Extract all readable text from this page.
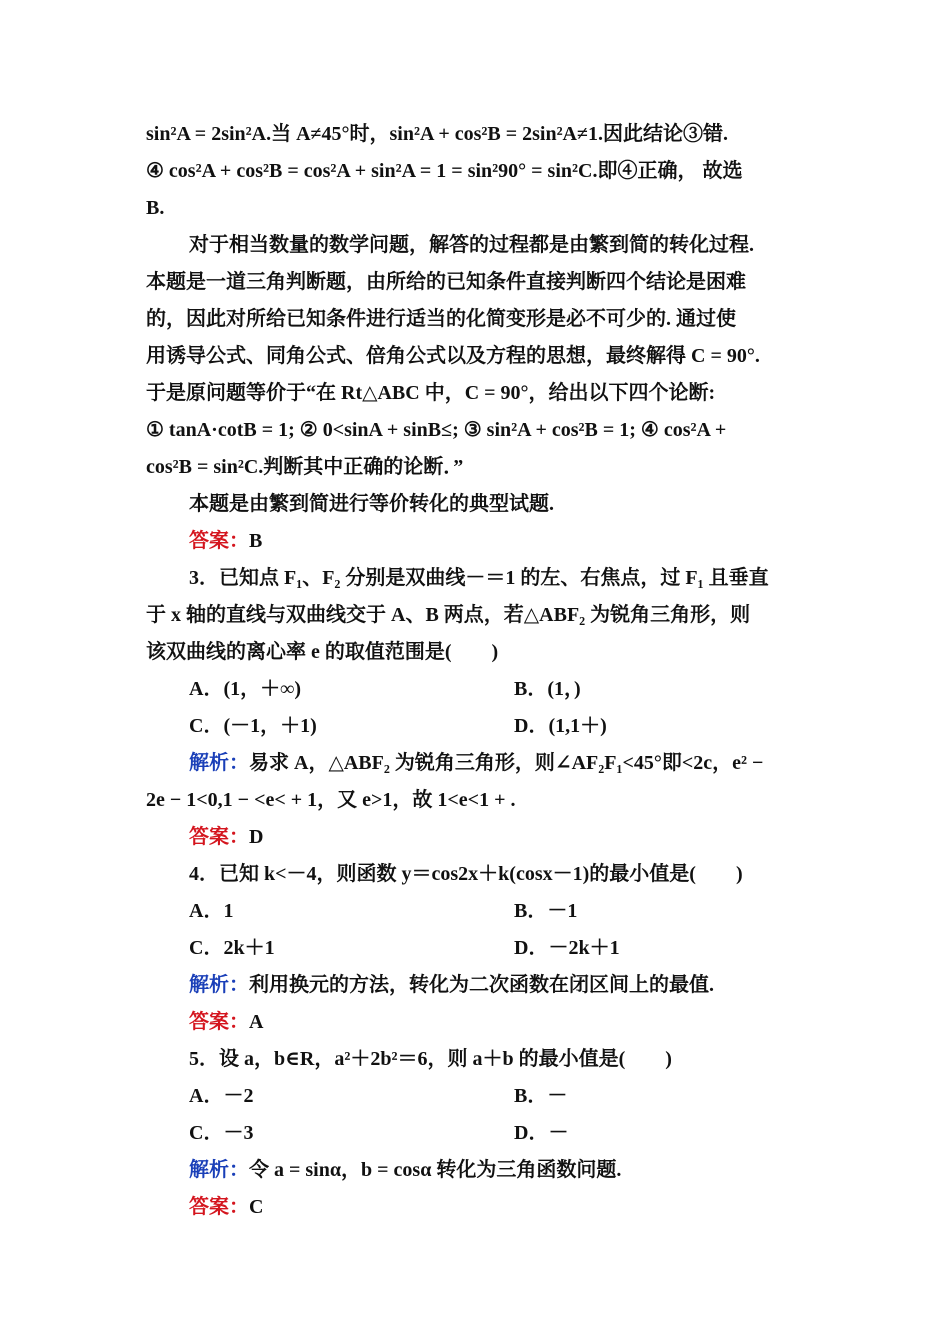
sin²A = 2sin²A.当 A≠45°时，sin²A + cos²B = 2sin²A≠1.因此结论③错.
④ cos²A + cos²B = cos²A + sin²A = 1 = sin²90° = sin²C.即④正确， 故选
B.
对于相当数量的数学问题，解答的过程都是由繁到简的转化过程.
本题是一道三角判断题，由所给的已知条件直接判断四个结论是困难
的，因此对所给已知条件进行适当的化简变形是必不可少的. 通过使
用诱导公式、同角公式、倍角公式以及方程的思想，最终解得 C = 90°.
于是原问题等价于“在 Rt△ABC 中，C = 90°，给出以下四个论断:
① tanA·cotB = 1; ② 0<sinA + sinB≤; ③ sin²A + cos²B = 1; ④ cos²A +
cos²B = sin²C.判断其中正确的论断．”
本题是由繁到简进行等价转化的典型试题.
答案：B
3．已知点 F₁、F₂ 分别是双曲线－＝1 的左、右焦点，过 F₁ 且垂直
于 x 轴的直线与双曲线交于 A、B 两点，若△ABF₂ 为锐角三角形，则
该双曲线的离心率 e 的取值范围是(　　)
A．(1，＋∞)	B．(1，)
C．(－1，＋1)	D．(1,1＋)
解析：易求 A，△ABF₂ 为锐角三角形，则∠AF₂F₁<45°即<2c，e² −
2e − 1<0,1 − <e< + 1，又 e>1，故 1<e<1 + .
答案：D
4．已知 k<－4，则函数 y＝cos2x＋k(cosx－1)的最小值是(　　)
A．1	B．－1
C．2k＋1	D．－2k＋1
解析：利用换元的方法，转化为二次函数在闭区间上的最值.
答案：A
5．设 a，b∈R，a²＋2b²＝6，则 a＋b 的最小值是(　　)
A．－2	B．－
C．－3	D．－
解析：令 a = sinα，b = cosα 转化为三角函数问题.
答案：C
